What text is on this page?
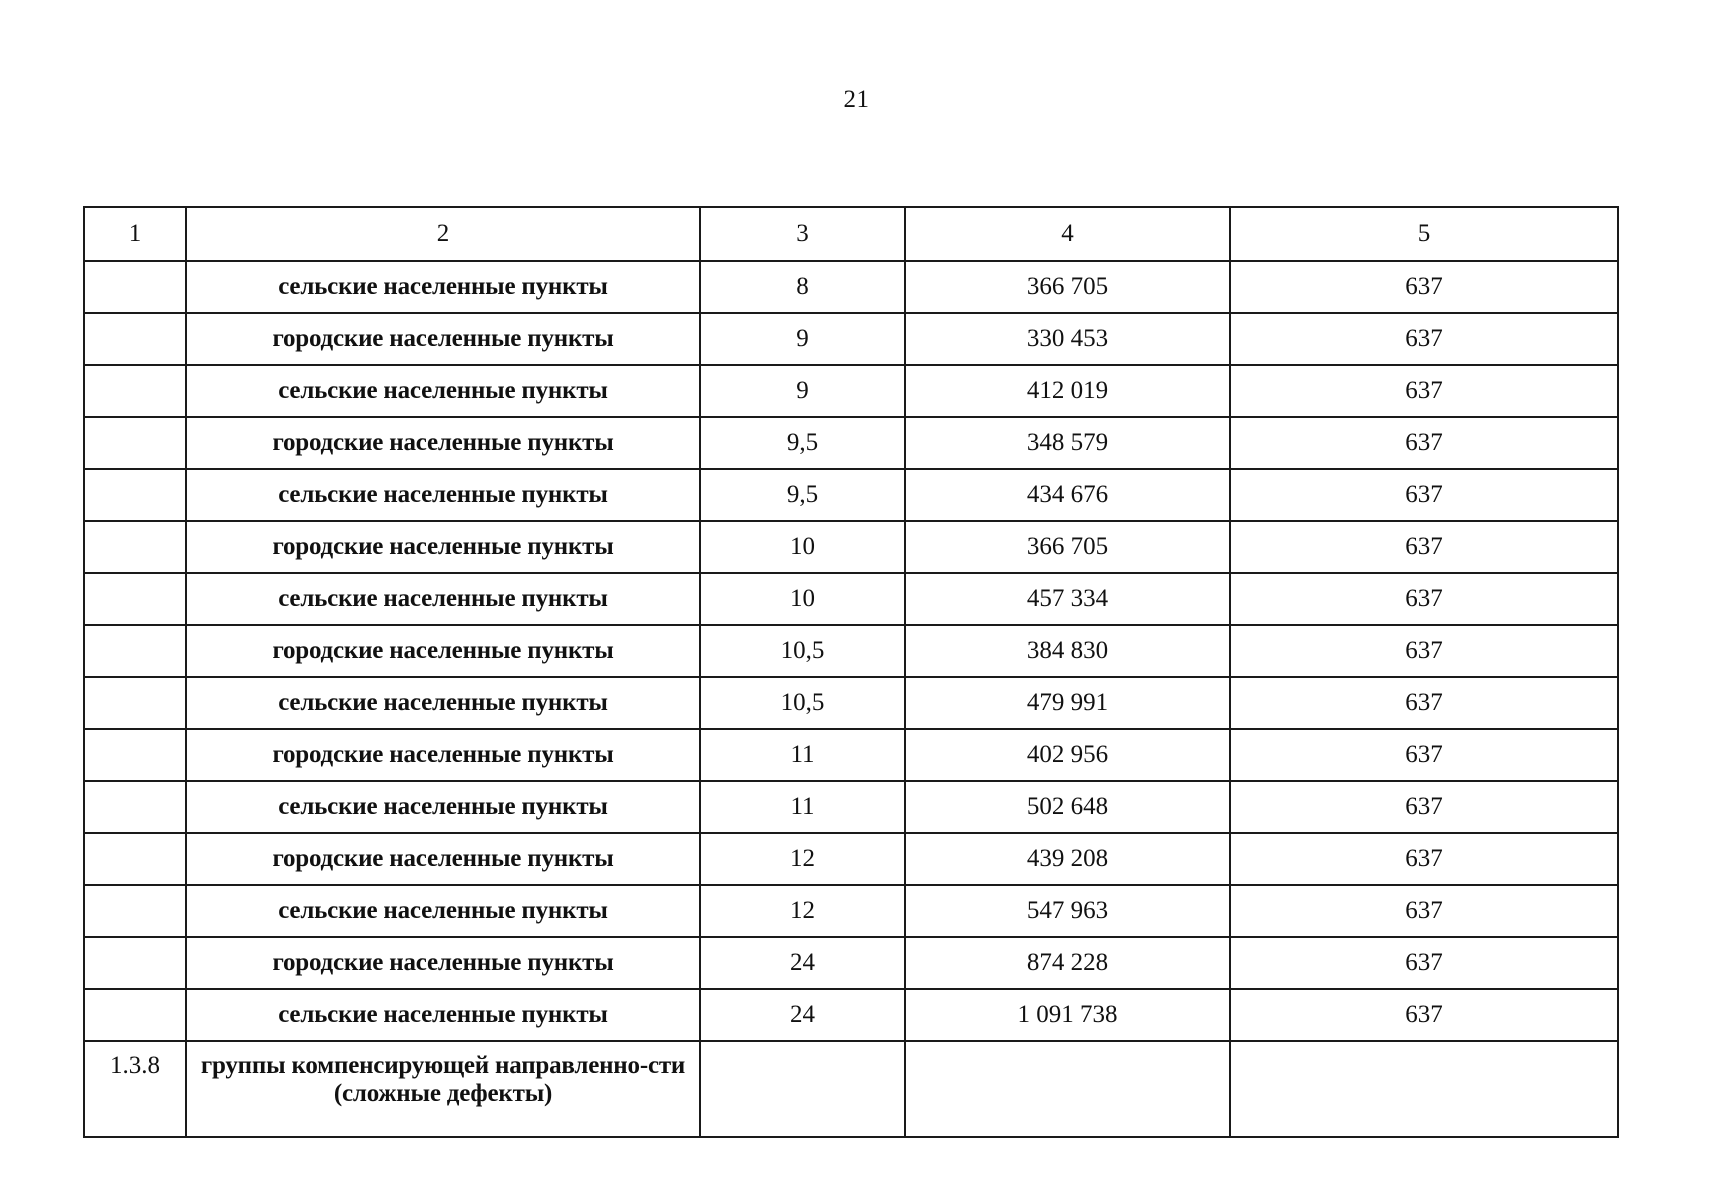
21
1	2	3	4	5
	сельские населенные пункты	8	366 705	637
	городские населенные пункты	9	330 453	637
	сельские населенные пункты	9	412 019	637
	городские населенные пункты	9,5	348 579	637
	сельские населенные пункты	9,5	434 676	637
	городские населенные пункты	10	366 705	637
	сельские населенные пункты	10	457 334	637
	городские населенные пункты	10,5	384 830	637
	сельские населенные пункты	10,5	479 991	637
	городские населенные пункты	11	402 956	637
	сельские населенные пункты	11	502 648	637
	городские населенные пункты	12	439 208	637
	сельские населенные пункты	12	547 963	637
	городские населенные пункты	24	874 228	637
	сельские населенные пункты	24	1 091 738	637
1.3.8	группы компенсирующей направленно-сти (сложные дефекты)			
